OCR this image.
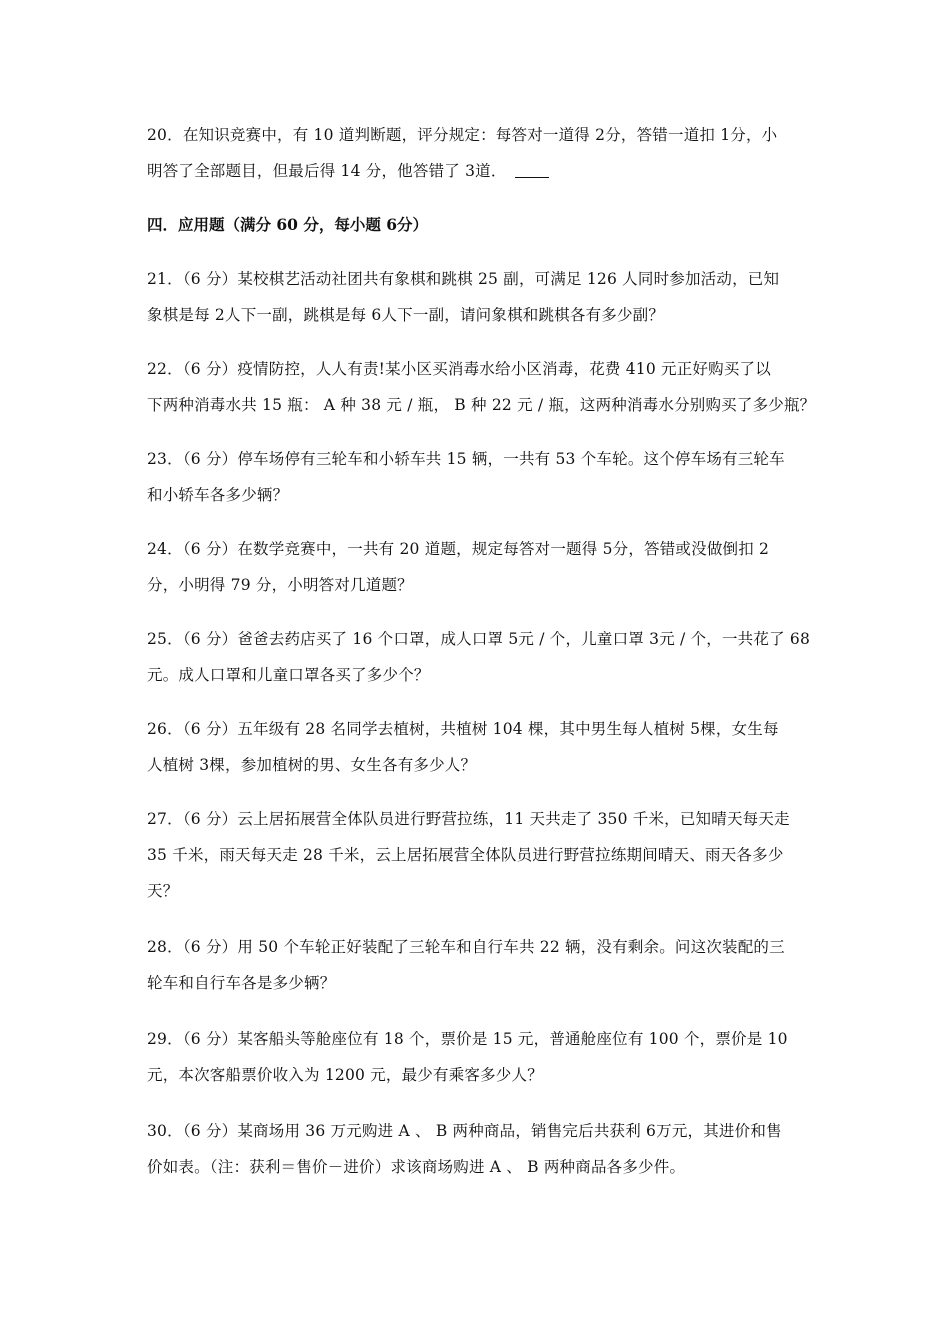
20．在知识竞赛中，有 10 道判断题，评分规定：每答对一道得 2分，答错一道扣 1分，小
明答了全部题目，但最后得 14 分，他答错了 3道．
四．应用题（满分 60 分，每小题 6分）
21．（6 分）某校棋艺活动社团共有象棋和跳棋 25 副，可满足 126 人同时参加活动，已知
象棋是每 2人下一副，跳棋是每 6人下一副，请问象棋和跳棋各有多少副？
22．（6 分）疫情防控，人人有责!某小区买消毒水给小区消毒，花费 410 元正好购买了以
下两种消毒水共 15 瓶： A 种 38 元 / 瓶， B 种 22 元 / 瓶，这两种消毒水分别购买了多少瓶？
23．（6 分）停车场停有三轮车和小轿车共 15 辆，一共有 53 个车轮。这个停车场有三轮车
和小轿车各多少辆？
24．（6 分）在数学竞赛中，一共有 20 道题，规定每答对一题得 5分，答错或没做倒扣 2
分，小明得 79 分，小明答对几道题？
25．（6 分）爸爸去药店买了 16 个口罩，成人口罩 5元 / 个，儿童口罩 3元 / 个，一共花了 68
元。成人口罩和儿童口罩各买了多少个？
26．（6 分）五年级有 28 名同学去植树，共植树 104 棵，其中男生每人植树 5棵，女生每
人植树 3棵，参加植树的男、女生各有多少人？
27．（6 分）云上居拓展营全体队员进行野营拉练，11 天共走了 350 千米，已知晴天每天走
35 千米，雨天每天走 28 千米，云上居拓展营全体队员进行野营拉练期间晴天、雨天各多少
天？
28．（6 分）用 50 个车轮正好装配了三轮车和自行车共 22 辆，没有剩余。问这次装配的三
轮车和自行车各是多少辆？
29．（6 分）某客船头等舱座位有 18 个，票价是 15 元，普通舱座位有 100 个，票价是 10
元，本次客船票价收入为 1200 元，最少有乘客多少人？
30．（6 分）某商场用 36 万元购进 A 、 B 两种商品，销售完后共获利 6万元，其进价和售
价如表。（注：获利＝售价－进价）求该商场购进 A 、 B 两种商品各多少件。
